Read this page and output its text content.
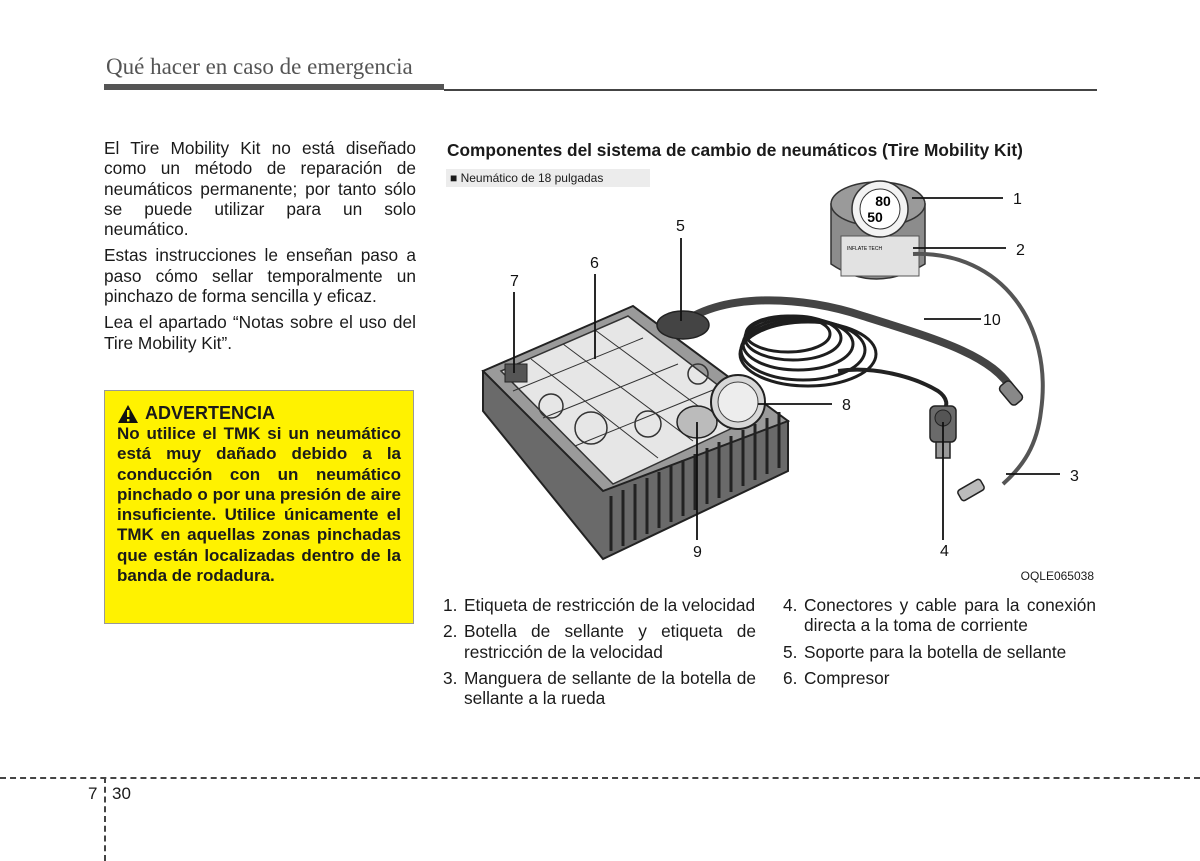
Qué hacer en caso de emergencia

El Tire Mobility Kit no está diseñado como un método de reparación de neumáticos permanente; por tanto sólo se puede utilizar para un solo neumático.

Estas instrucciones le enseñan paso a paso cómo sellar temporalmente un pinchazo de forma sencilla y eficaz.

Lea el apartado “Notas sobre el uso del Tire Mobility Kit”.

ADVERTENCIA
No utilice el TMK si un neumático está muy dañado debido a la conducción con un neumático pinchado o por una presión de aire insuficiente. Utilice únicamente el TMK en aquellas zonas pinchadas que están localizadas dentro de la banda de rodadura.
Componentes del sistema de cambio de neumáticos (Tire Mobility Kit)
80
50
INFLATE TECH
1
2
3
4
5
6
7
8
9
10
■ Neumático de 18 pulgadas
OQLE065038
1. Etiqueta de restricción de la velocidad
2. Botella de sellante y etiqueta de restricción de la velocidad
3. Manguera de sellante de la botella de sellante a la rueda
4. Conectores y cable para la conexión directa a la toma de corriente
5. Soporte para la botella de sellante
6. Compresor
7 30
